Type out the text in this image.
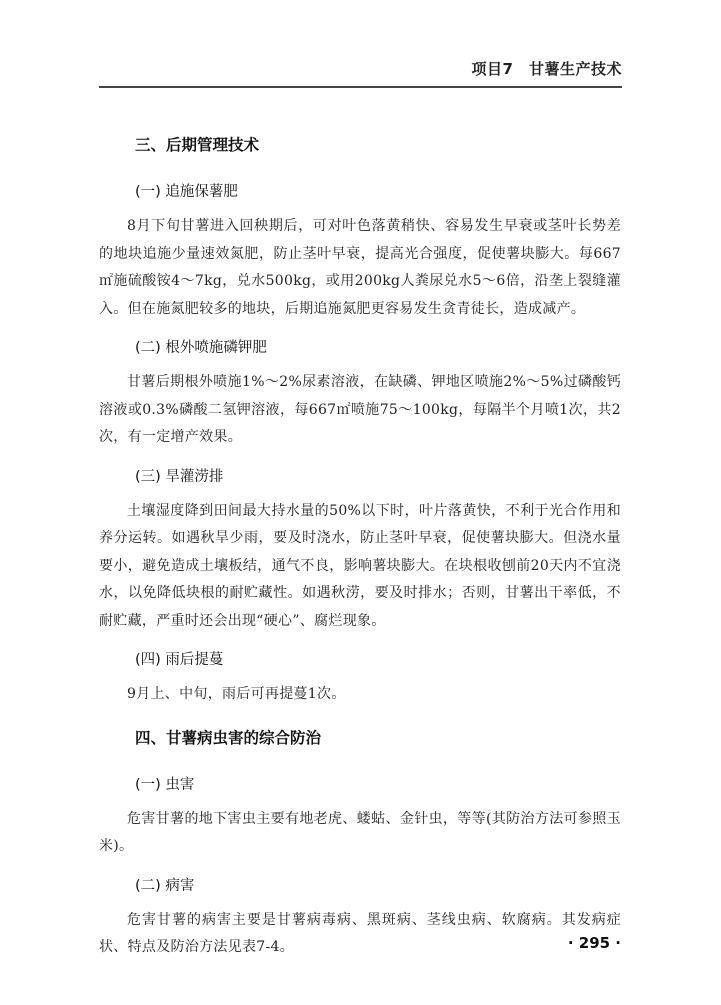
项目7　甘薯生产技术
三、后期管理技术
(一) 追施保薯肥

8月下旬甘薯进入回秧期后，可对叶色落黄稍快、容易发生早衰或茎叶长势差的地块追施少量速效氮肥，防止茎叶早衰，提高光合强度，促使薯块膨大。每667㎡施硫酸铵4～7kg，兑水500kg，或用200kg人粪尿兑水5～6倍，沿垄上裂缝灌入。但在施氮肥较多的地块，后期追施氮肥更容易发生贪青徒长，造成减产。

(二) 根外喷施磷钾肥

甘薯后期根外喷施1%～2%尿素溶液，在缺磷、钾地区喷施2%～5%过磷酸钙溶液或0.3%磷酸二氢钾溶液，每667㎡喷施75～100kg，每隔半个月喷1次，共2次，有一定增产效果。

(三) 旱灌涝排

土壤湿度降到田间最大持水量的50%以下时，叶片落黄快，不利于光合作用和养分运转。如遇秋旱少雨，要及时浇水，防止茎叶早衰，促使薯块膨大。但浇水量要小，避免造成土壤板结，通气不良，影响薯块膨大。在块根收刨前20天内不宜浇水，以免降低块根的耐贮藏性。如遇秋涝，要及时排水；否则，甘薯出干率低，不耐贮藏，严重时还会出现“硬心”、腐烂现象。

(四) 雨后提蔓

9月上、中旬，雨后可再提蔓1次。

四、甘薯病虫害的综合防治
(一) 虫害

危害甘薯的地下害虫主要有地老虎、蝼蛄、金针虫，等等(其防治方法可参照玉米)。

(二) 病害

危害甘薯的病害主要是甘薯病毒病、黑斑病、茎线虫病、软腐病。其发病症状、特点及防治方法见表7-4。	· 295 ·
